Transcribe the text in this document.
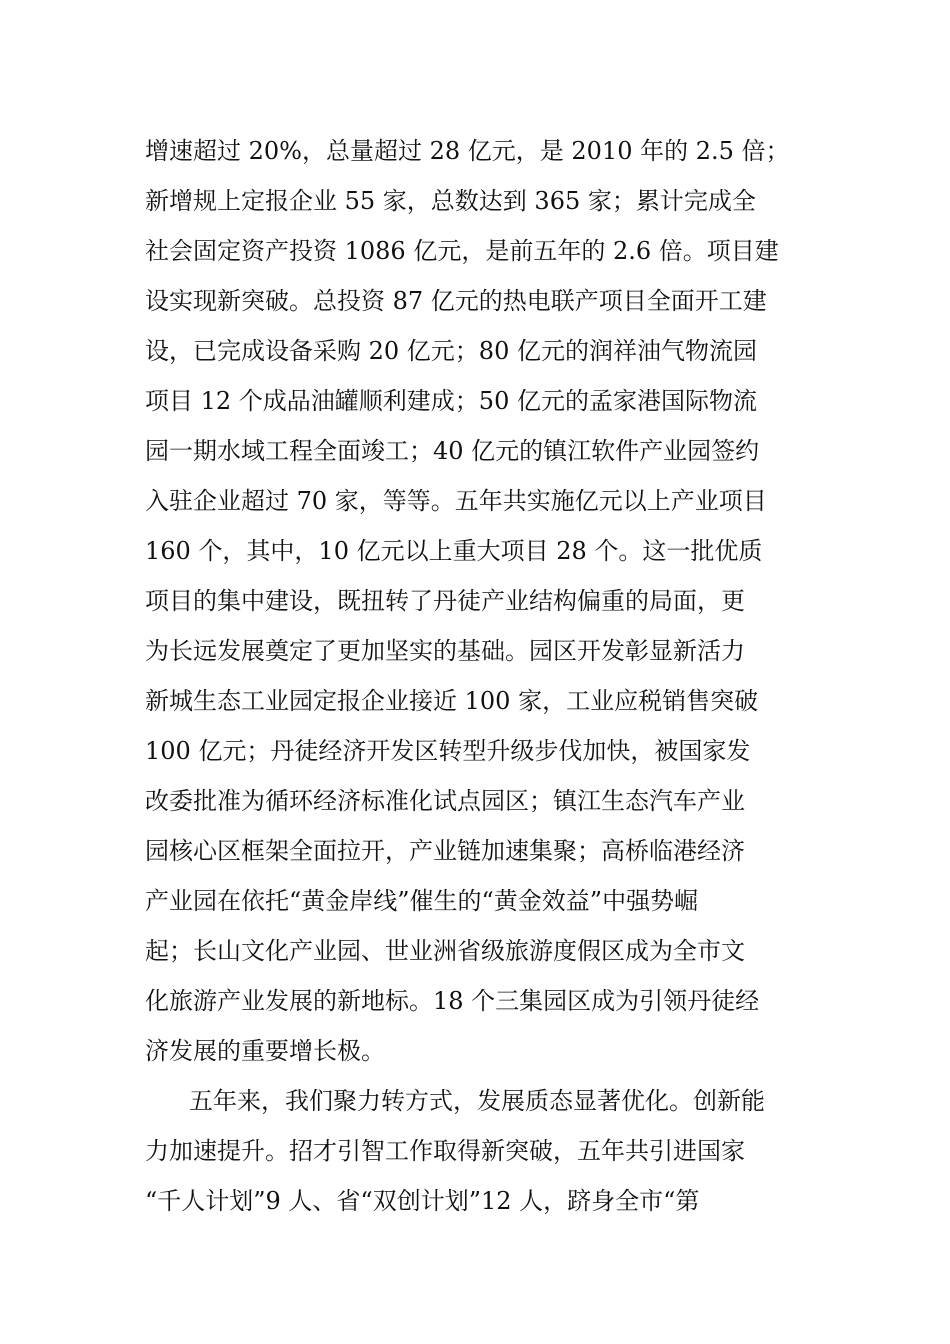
增速超过 20%，总量超过 28 亿元，是 2010 年的 2.5 倍；
新增规上定报企业 55 家，总数达到 365 家；累计完成全
社会固定资产投资 1086 亿元，是前五年的 2.6 倍。项目建
设实现新突破。总投资 87 亿元的热电联产项目全面开工建
设，已完成设备采购 20 亿元；80 亿元的润祥油气物流园
项目 12 个成品油罐顺利建成；50 亿元的孟家港国际物流
园一期水域工程全面竣工；40 亿元的镇江软件产业园签约
入驻企业超过 70 家，等等。五年共实施亿元以上产业项目
160 个，其中，10 亿元以上重大项目 28 个。这一批优质
项目的集中建设，既扭转了丹徒产业结构偏重的局面，更
为长远发展奠定了更加坚实的基础。园区开发彰显新活力
新城生态工业园定报企业接近 100 家，工业应税销售突破
100 亿元；丹徒经济开发区转型升级步伐加快，被国家发
改委批准为循环经济标准化试点园区；镇江生态汽车产业
园核心区框架全面拉开，产业链加速集聚；高桥临港经济
产业园在依托“黄金岸线”催生的“黄金效益”中强势崛
起；长山文化产业园、世业洲省级旅游度假区成为全市文
化旅游产业发展的新地标。18 个三集园区成为引领丹徒经
济发展的重要增长极。
五年来，我们聚力转方式，发展质态显著优化。创新能
力加速提升。招才引智工作取得新突破，五年共引进国家
“千人计划”9 人、省“双创计划”12 人，跻身全市“第
